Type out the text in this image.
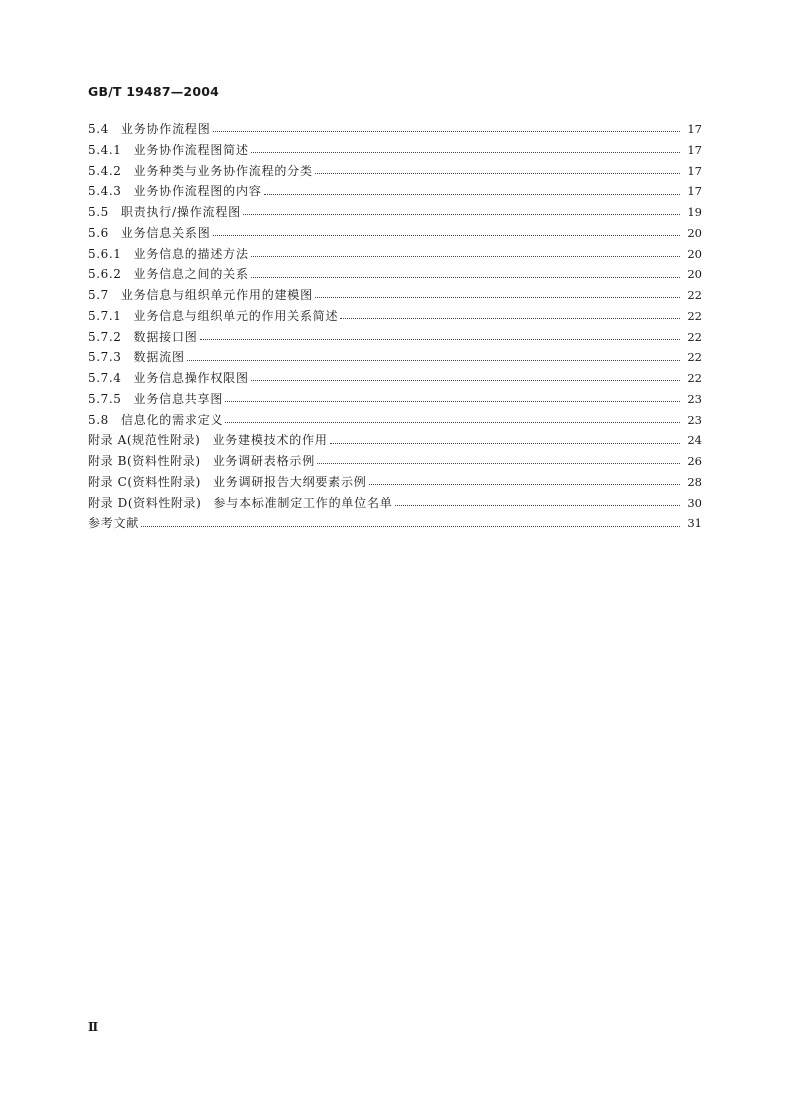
GB/T 19487—2004
5.4 业务协作流程图	17
5.4.1 业务协作流程图简述	17
5.4.2 业务种类与业务协作流程的分类	17
5.4.3 业务协作流程图的内容	17
5.5 职责执行/操作流程图	19
5.6 业务信息关系图	20
5.6.1 业务信息的描述方法	20
5.6.2 业务信息之间的关系	20
5.7 业务信息与组织单元作用的建模图	22
5.7.1 业务信息与组织单元的作用关系简述	22
5.7.2 数据接口图	22
5.7.3 数据流图	22
5.7.4 业务信息操作权限图	22
5.7.5 业务信息共享图	23
5.8 信息化的需求定义	23
附录 A(规范性附录) 业务建模技术的作用	24
附录 B(资料性附录) 业务调研表格示例	26
附录 C(资料性附录) 业务调研报告大纲要素示例	28
附录 D(资料性附录) 参与本标准制定工作的单位名单	30
参考文献	31
Ⅱ
